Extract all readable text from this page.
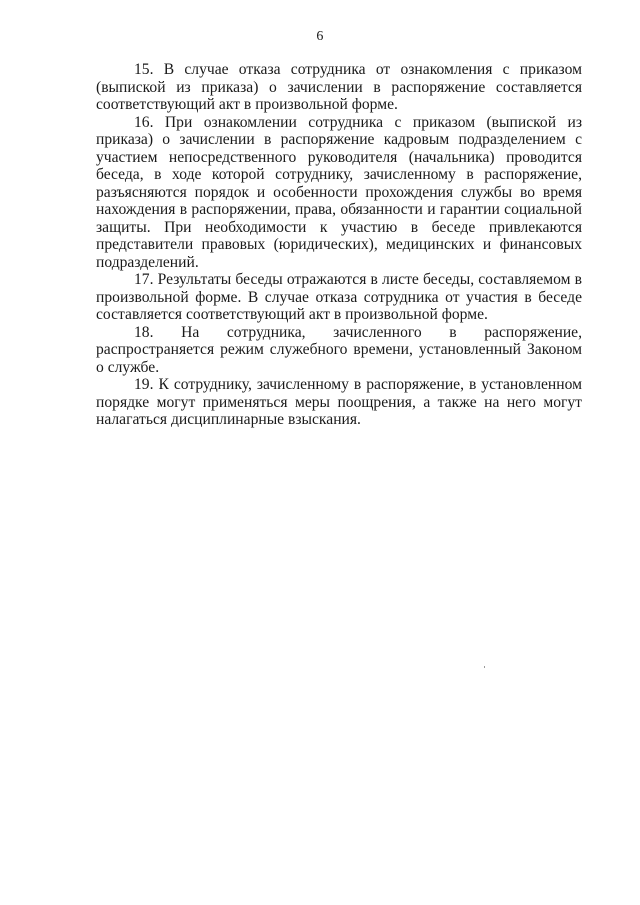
6

15. В случае отказа сотрудника от ознакомления с приказом (выпиской из приказа) о зачислении в распоряжение составляется соответствующий акт в произвольной форме.

16. При ознакомлении сотрудника с приказом (выпиской из приказа) о зачислении в распоряжение кадровым подразделением с участием непосредственного руководителя (начальника) проводится беседа, в ходе которой сотруднику, зачисленному в распоряжение, разъясняются порядок и особенности прохождения службы во время нахождения в распоряжении, права, обязанности и гарантии социальной защиты. При необходимости к участию в беседе привлекаются представители правовых (юридических), медицинских и финансовых подразделений.

17. Результаты беседы отражаются в листе беседы, составляемом в произвольной форме. В случае отказа сотрудника от участия в беседе составляется соответствующий акт в произвольной форме.

18. На сотрудника, зачисленного в распоряжение, распространяется режим служебного времени, установленный Законом о службе.

19. К сотруднику, зачисленному в распоряжение, в установленном порядке могут применяться меры поощрения, а также на него могут налагаться дисциплинарные взыскания.
